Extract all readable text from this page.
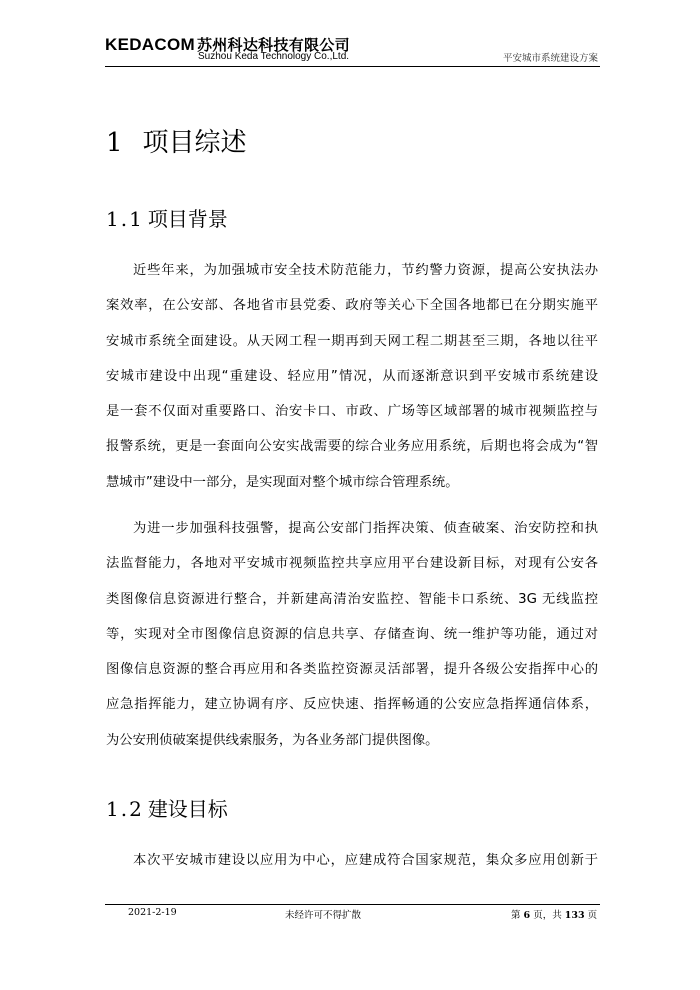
KEDACOM 苏州科达科技有限公司
Suzhou Keda Technology Co.,Ltd.	平安城市系统建设方案
1 项目综述
1.1 项目背景
近些年来，为加强城市安全技术防范能力，节约警力资源，提高公安执法办
案效率，在公安部、各地省市县党委、政府等关心下全国各地都已在分期实施平
安城市系统全面建设。从天网工程一期再到天网工程二期甚至三期，各地以往平
安城市建设中出现“重建设、轻应用”情况，从而逐渐意识到平安城市系统建设
是一套不仅面对重要路口、治安卡口、市政、广场等区域部署的城市视频监控与
报警系统，更是一套面向公安实战需要的综合业务应用系统，后期也将会成为“智
慧城市”建设中一部分，是实现面对整个城市综合管理系统。
为进一步加强科技强警，提高公安部门指挥决策、侦查破案、治安防控和执
法监督能力，各地对平安城市视频监控共享应用平台建设新目标，对现有公安各
类图像信息资源进行整合，并新建高清治安监控、智能卡口系统、3G 无线监控
等，实现对全市图像信息资源的信息共享、存储查询、统一维护等功能，通过对
图像信息资源的整合再应用和各类监控资源灵活部署，提升各级公安指挥中心的
应急指挥能力，建立协调有序、反应快速、指挥畅通的公安应急指挥通信体系，
为公安刑侦破案提供线索服务，为各业务部门提供图像。
1.2 建设目标
本次平安城市建设以应用为中心，应建成符合国家规范，集众多应用创新于
2021-2-19	未经许可不得扩散	第 6 页，共 133 页
